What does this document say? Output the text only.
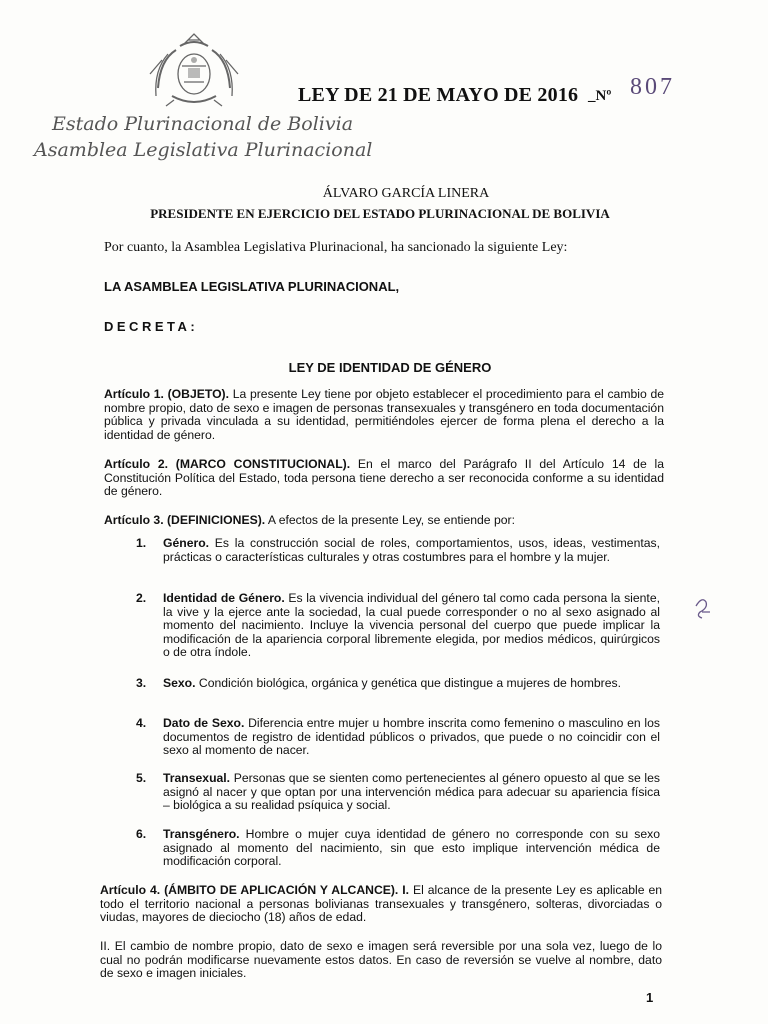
LEY DE 21 DE MAYO DE 2016 _Nº 807
Estado Plurinacional de Bolivia
Asamblea Legislativa Plurinacional
ÁLVARO GARCÍA LINERA
PRESIDENTE EN EJERCICIO DEL ESTADO PLURINACIONAL DE BOLIVIA
Por cuanto, la Asamblea Legislativa Plurinacional, ha sancionado la siguiente Ley:
LA ASAMBLEA LEGISLATIVA PLURINACIONAL,
DECRETA:
LEY DE IDENTIDAD DE GÉNERO
Artículo 1. (OBJETO). La presente Ley tiene por objeto establecer el procedimiento para el cambio de nombre propio, dato de sexo e imagen de personas transexuales y transgénero en toda documentación pública y privada vinculada a su identidad, permitiéndoles ejercer de forma plena el derecho a la identidad de género.
Artículo 2. (MARCO CONSTITUCIONAL). En el marco del Parágrafo II del Artículo 14 de la Constitución Política del Estado, toda persona tiene derecho a ser reconocida conforme a su identidad de género.
Artículo 3. (DEFINICIONES). A efectos de la presente Ley, se entiende por:
1. Género. Es la construcción social de roles, comportamientos, usos, ideas, vestimentas, prácticas o características culturales y otras costumbres para el hombre y la mujer.
2. Identidad de Género. Es la vivencia individual del género tal como cada persona la siente, la vive y la ejerce ante la sociedad, la cual puede corresponder o no al sexo asignado al momento del nacimiento. Incluye la vivencia personal del cuerpo que puede implicar la modificación de la apariencia corporal libremente elegida, por medios médicos, quirúrgicos o de otra índole.
3. Sexo. Condición biológica, orgánica y genética que distingue a mujeres de hombres.
4. Dato de Sexo. Diferencia entre mujer u hombre inscrita como femenino o masculino en los documentos de registro de identidad públicos o privados, que puede o no coincidir con el sexo al momento de nacer.
5. Transexual. Personas que se sienten como pertenecientes al género opuesto al que se les asignó al nacer y que optan por una intervención médica para adecuar su apariencia física – biológica a su realidad psíquica y social.
6. Transgénero. Hombre o mujer cuya identidad de género no corresponde con su sexo asignado al momento del nacimiento, sin que esto implique intervención médica de modificación corporal.
Artículo 4. (ÁMBITO DE APLICACIÓN Y ALCANCE). I. El alcance de la presente Ley es aplicable en todo el territorio nacional a personas bolivianas transexuales y transgénero, solteras, divorciadas o viudas, mayores de dieciocho (18) años de edad.
II. El cambio de nombre propio, dato de sexo e imagen será reversible por una sola vez, luego de lo cual no podrán modificarse nuevamente estos datos. En caso de reversión se vuelve al nombre, dato de sexo e imagen iniciales.
1
